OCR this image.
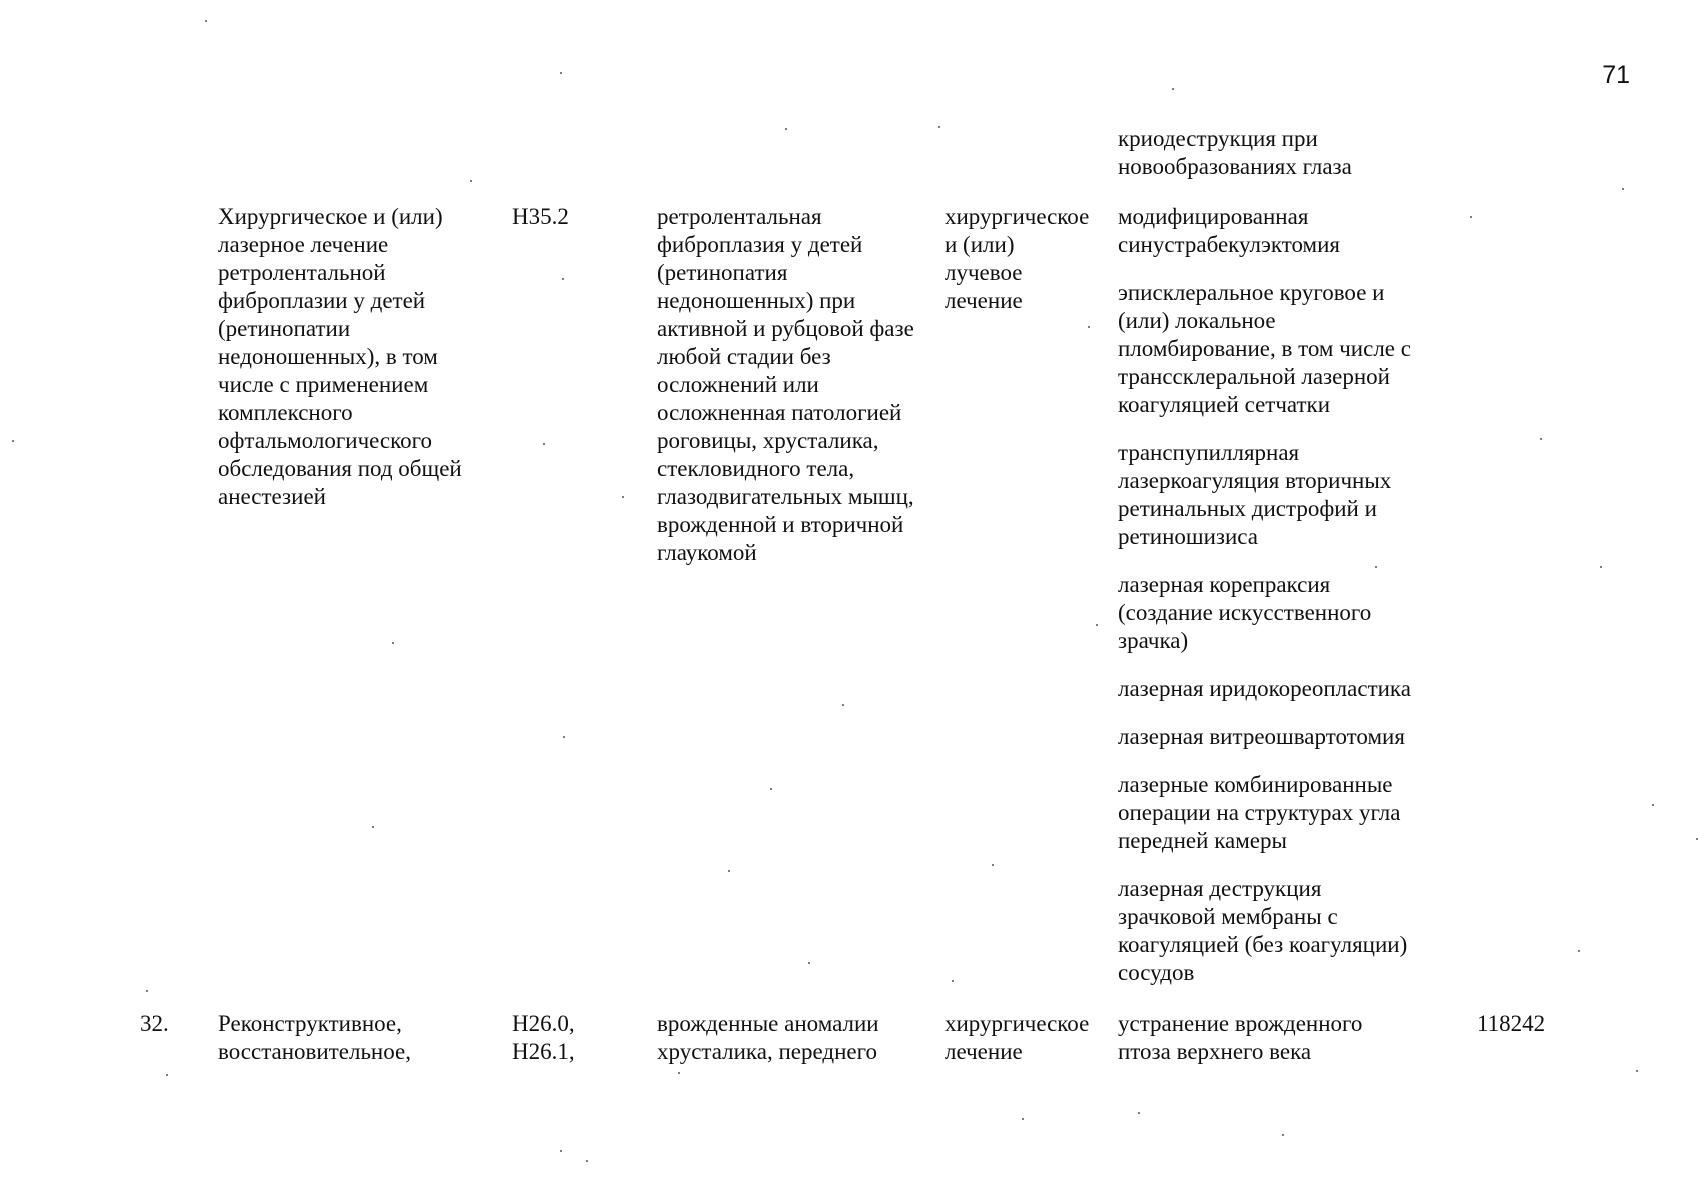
71
криодеструкция при
новообразованиях глаза
Хирургическое и (или)
лазерное лечение
ретролентальной
фиброплазии у детей
(ретинопатии
недоношенных), в том
числе с применением
комплексного
офтальмологического
обследования под общей
анестезией
H35.2	ретролентальная
фиброплазия у детей
(ретинопатия
недоношенных) при
активной и рубцовой фазе
любой стадии без
осложнений или
осложненная патологией
роговицы, хрусталика,
стекловидного тела,
глазодвигательных мышц,
врожденной и вторичной
глаукомой
хирургическое
и (или)
лучевое
лечение
модифицированная
синустрабекулэктомия
эписклеральное круговое и
(или) локальное
пломбирование, в том числе с
транссклеральной лазерной
коагуляцией сетчатки
транспупиллярная
лазеркоагуляция вторичных
ретинальных дистрофий и
ретиношизиса
лазерная корепраксия
(создание искусственного
зрачка)
лазерная иридокореопластика
лазерная витреошвартотомия
лазерные комбинированные
операции на структурах угла
передней камеры
лазерная деструкция
зрачковой мембраны с
коагуляцией (без коагуляции)
сосудов
32. Реконструктивное,
восстановительное,
H26.0,
H26.1,
врожденные аномалии
хрусталика, переднего
хирургическое
лечение
устранение врожденного
птоза верхнего века
118242
